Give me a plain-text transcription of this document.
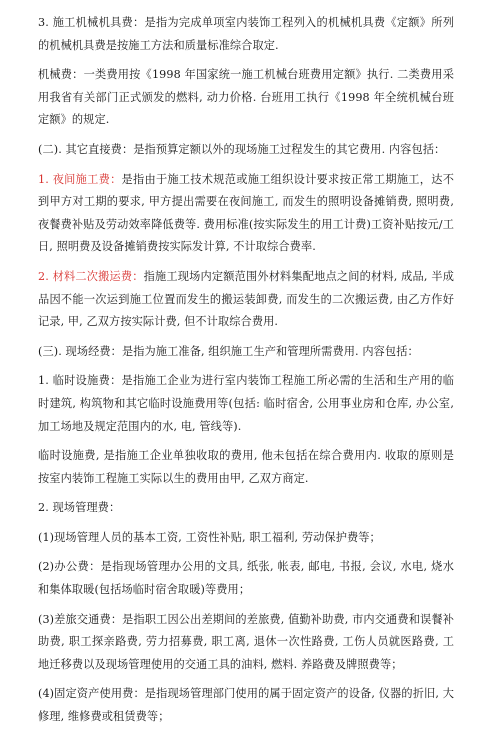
3. 施工机械机具费：是指为完成单项室内装饰工程列入的机械机具费《定额》所列的机械机具费是按施工方法和质量标准综合取定.

机械费：一类费用按《1998 年国家统一施工机械台班费用定额》执行. 二类费用采用我省有关部门正式颁发的燃料, 动力价格. 台班用工执行《1998 年全统机械台班定额》的规定.

(二). 其它直接费：是指预算定额以外的现场施工过程发生的其它费用. 内容包括：

1. 夜间施工费：是指由于施工技术规范或施工组织设计要求按正常工期施工，达不到甲方对工期的要求, 甲方提出需要在夜间施工, 而发生的照明设备摊销费, 照明费, 夜餐费补贴及劳动效率降低费等. 费用标准(按实际发生的用工计费)工资补贴按元/工日, 照明费及设备摊销费按实际发计算, 不计取综合费率.

2. 材料二次搬运费：指施工现场内定额范围外材料集配地点之间的材料, 成品, 半成品因不能一次运到施工位置而发生的搬运装卸费, 而发生的二次搬运费, 由乙方作好记录, 甲, 乙双方按实际计费, 但不计取综合费用.

(三). 现场经费：是指为施工准备, 组织施工生产和管理所需费用. 内容包括：

1. 临时设施费：是指施工企业为进行室内装饰工程施工所必需的生活和生产用的临时建筑, 构筑物和其它临时设施费用等(包括: 临时宿舍, 公用事业房和仓库, 办公室, 加工场地及规定范围内的水, 电, 管线等).

临时设施费, 是指施工企业单独收取的费用, 他未包括在综合费用内. 收取的原则是按室内装饰工程施工实际以生的费用由甲, 乙双方商定.

2. 现场管理费：

(1)现场管理人员的基本工资, 工资性补贴, 职工福利, 劳动保护费等；

(2)办公费：是指现场管理办公用的文具, 纸张, 帐表, 邮电, 书报, 会议, 水电, 烧水和集体取暖(包括场临时宿舍取暖)等费用；

(3)差旅交通费：是指职工因公出差期间的差旅费, 值勤补助费, 市内交通费和误餐补助费, 职工探亲路费, 劳力招募费, 职工离, 退休一次性路费, 工伤人员就医路费, 工地迁移费以及现场管理使用的交通工具的油料, 燃料. 养路费及牌照费等；

(4)固定资产使用费：是指现场管理部门使用的属于固定资产的设备, 仪器的折旧, 大修理, 维修费或租赁费等；
